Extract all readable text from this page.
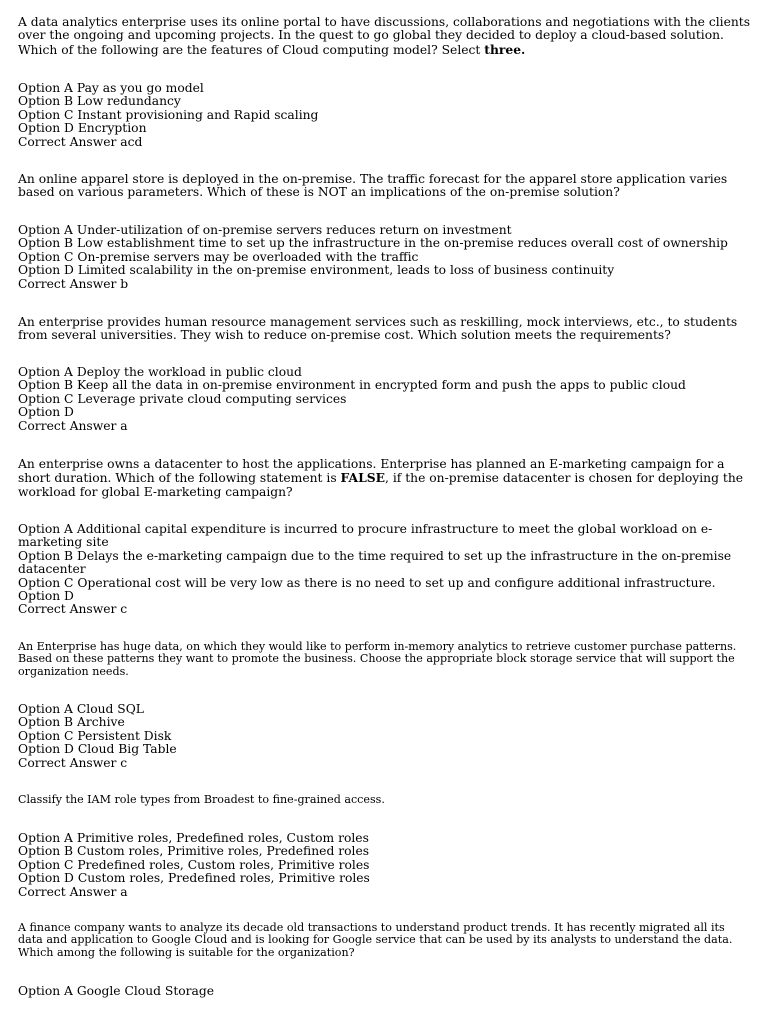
A data analytics enterprise uses its online portal to have discussions, collaborations and negotiations with the clients over the ongoing and upcoming projects. In the quest to go global they decided to deploy a cloud-based solution. Which of the following are the features of Cloud computing model? Select three.

Option A Pay as you go model
Option B Low redundancy
Option C Instant provisioning and Rapid scaling
Option D Encryption
Correct Answer acd

An online apparel store is deployed in the on-premise. The traffic forecast for the apparel store application varies based on various parameters. Which of these is NOT an implications of the on-premise solution?

Option A Under-utilization of on-premise servers reduces return on investment
Option B Low establishment time to set up the infrastructure in the on-premise reduces overall cost of ownership
Option C On-premise servers may be overloaded with the traffic
Option D Limited scalability in the on-premise environment, leads to loss of business continuity
Correct Answer b

An enterprise provides human resource management services such as reskilling, mock interviews, etc., to students from several universities. They wish to reduce on-premise cost. Which solution meets the requirements?

Option A Deploy the workload in public cloud
Option B Keep all the data in on-premise environment in encrypted form and push the apps to public cloud
Option C Leverage private cloud computing services
Option D
Correct Answer a

An enterprise owns a datacenter to host the applications. Enterprise has planned an E-marketing campaign for a short duration. Which of the following statement is FALSE, if the on-premise datacenter is chosen for deploying the workload for global E-marketing campaign?

Option A Additional capital expenditure is incurred to procure infrastructure to meet the global workload on e-marketing site
Option B Delays the e-marketing campaign due to the time required to set up the infrastructure in the on-premise datacenter
Option C Operational cost will be very low as there is no need to set up and configure additional infrastructure.
Option D
Correct Answer c

An Enterprise has huge data, on which they would like to perform in-memory analytics to retrieve customer purchase patterns. Based on these patterns they want to promote the business. Choose the appropriate block storage service that will support the organization needs.

Option A Cloud SQL
Option B Archive
Option C Persistent Disk
Option D Cloud Big Table
Correct Answer c

Classify the IAM role types from Broadest to fine-grained access.

Option A Primitive roles, Predefined roles, Custom roles
Option B Custom roles, Primitive roles, Predefined roles
Option C Predefined roles, Custom roles, Primitive roles
Option D Custom roles, Predefined roles, Primitive roles
Correct Answer a

A finance company wants to analyze its decade old transactions to understand product trends. It has recently migrated all its data and application to Google Cloud and is looking for Google service that can be used by its analysts to understand the data. Which among the following is suitable for the organization?

Option A Google Cloud Storage
